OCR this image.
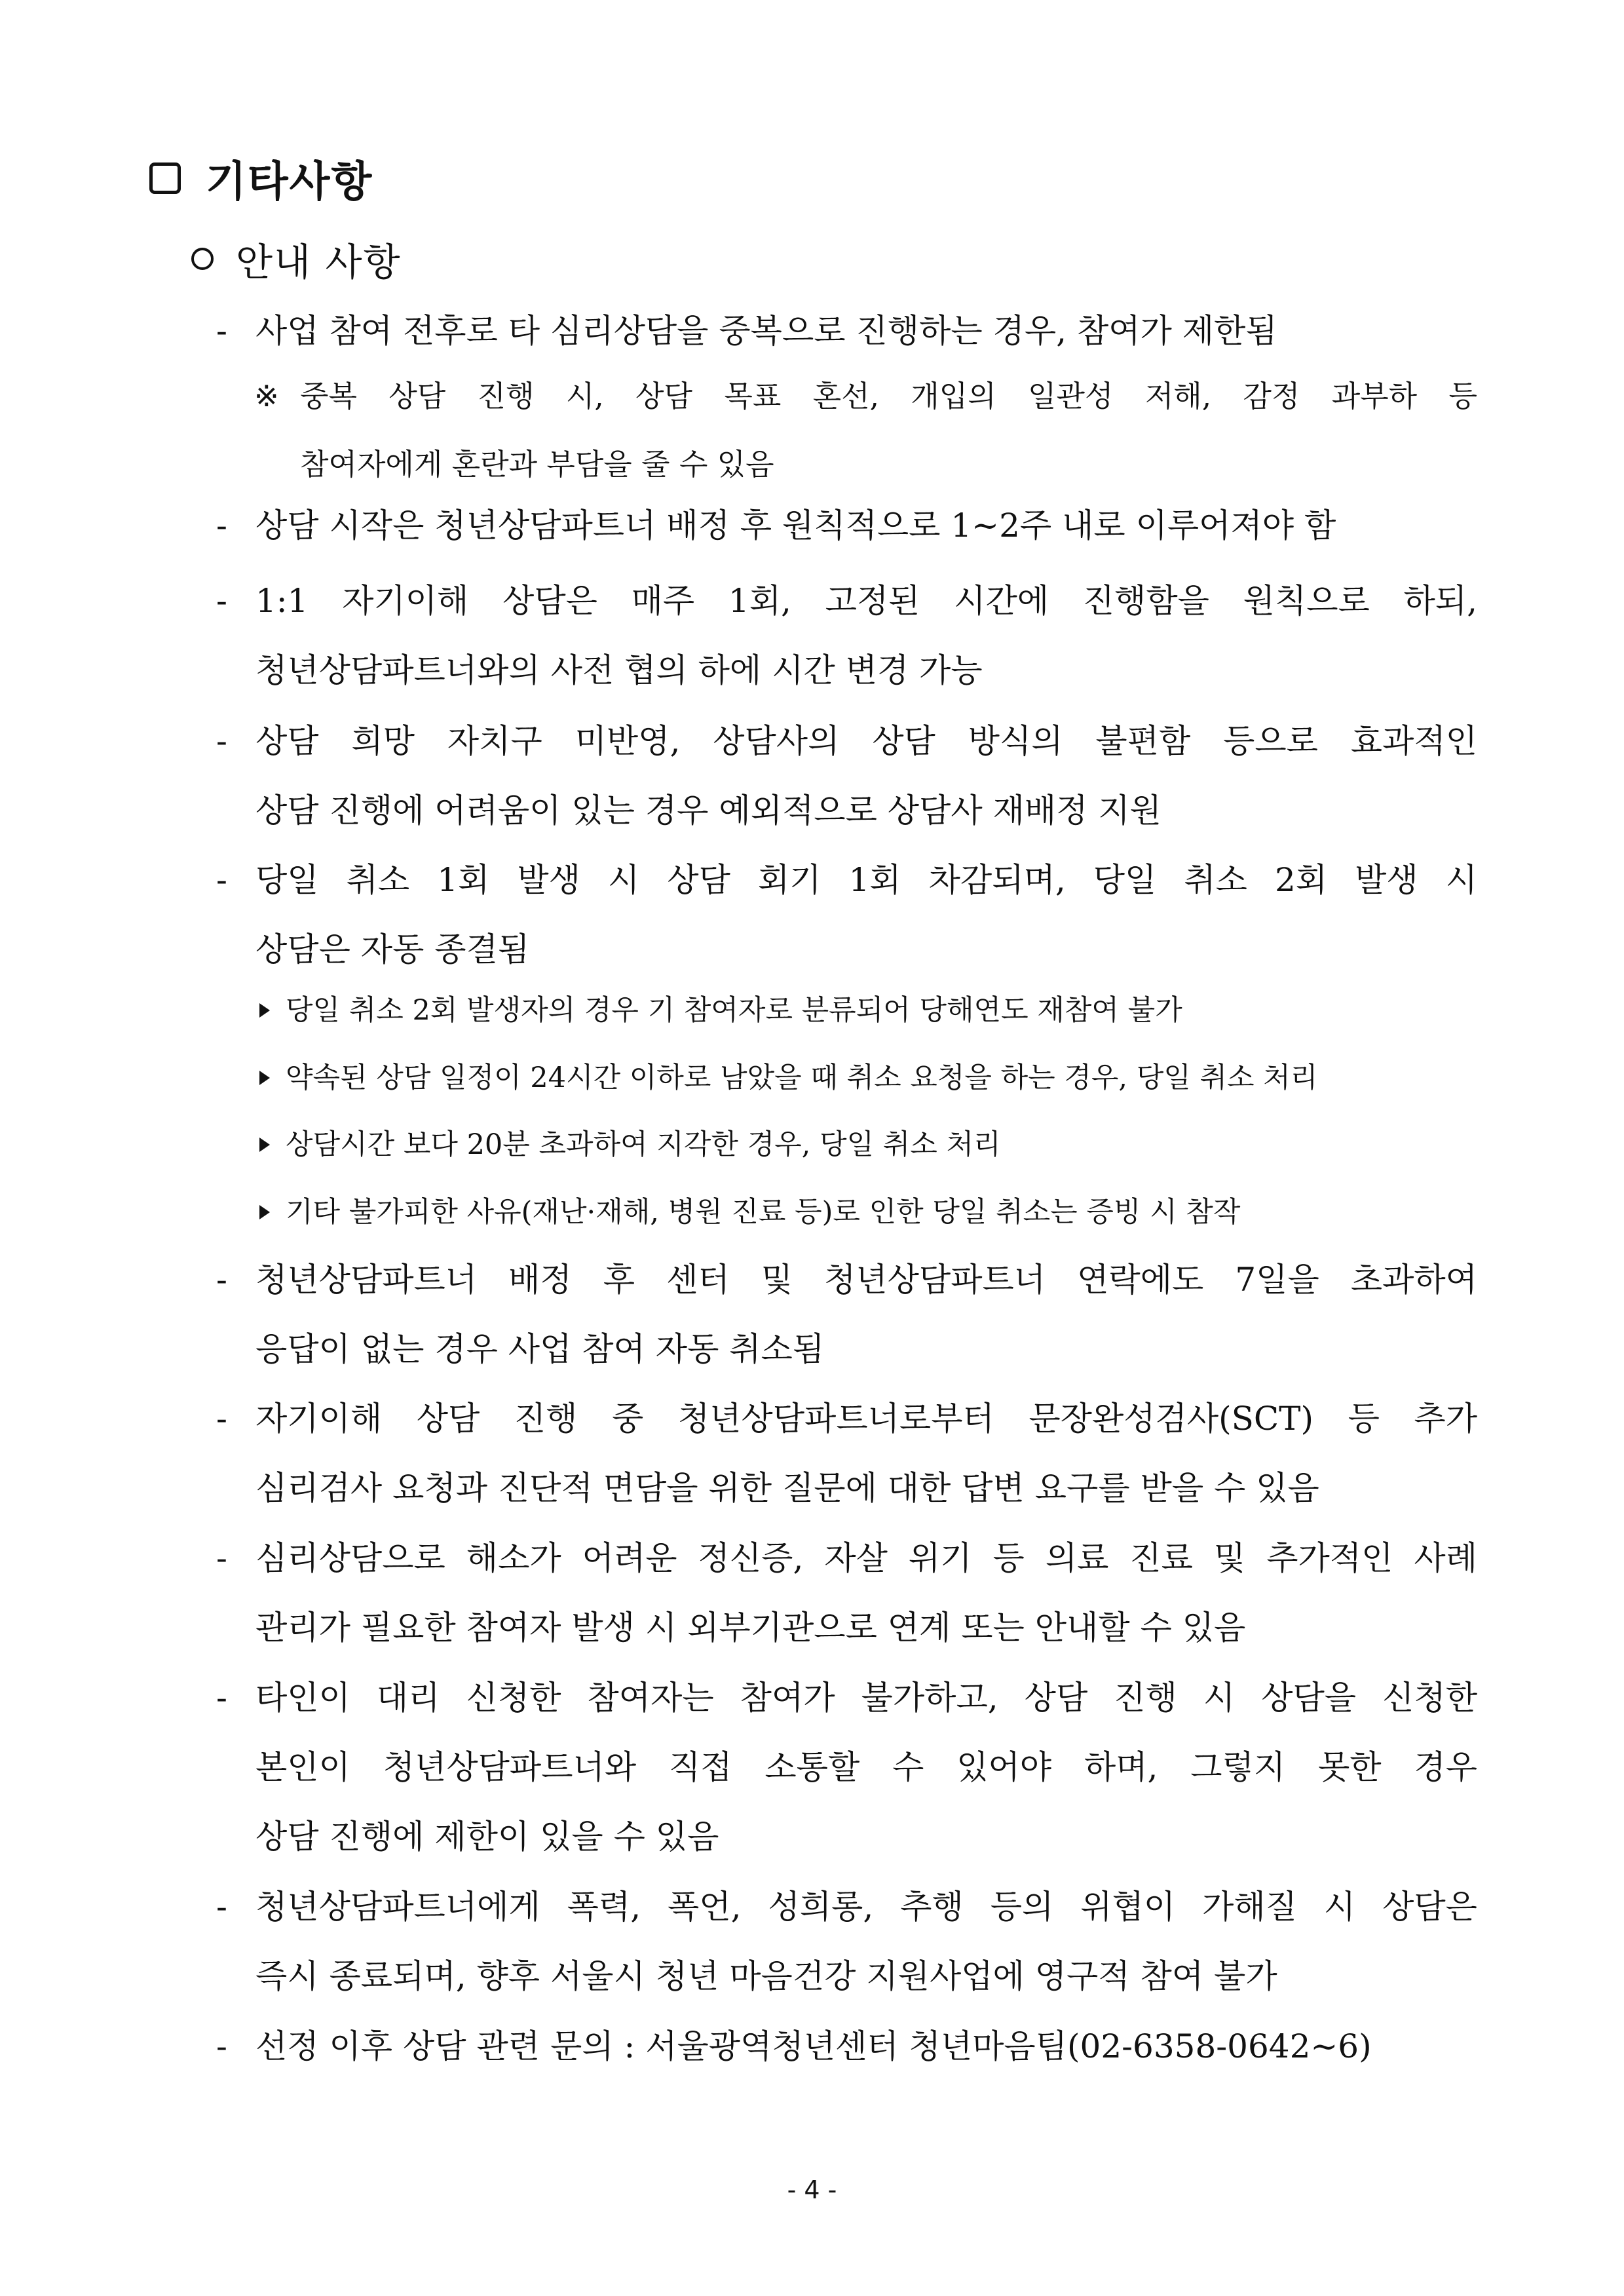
기타사항
안내 사항
- 사업 참여 전후로 타 심리상담을 중복으로 진행하는 경우, 참여가 제한됨
※ 중복 상담 진행 시, 상담 목표 혼선, 개입의 일관성 저해, 감정 과부하 등
참여자에게 혼란과 부담을 줄 수 있음
- 상담 시작은 청년상담파트너 배정 후 원칙적으로 1~2주 내로 이루어져야 함
- 1:1 자기이해 상담은 매주 1회, 고정된 시간에 진행함을 원칙으로 하되,
청년상담파트너와의 사전 협의 하에 시간 변경 가능
- 상담 희망 자치구 미반영, 상담사의 상담 방식의 불편함 등으로 효과적인
상담 진행에 어려움이 있는 경우 예외적으로 상담사 재배정 지원
- 당일 취소 1회 발생 시 상담 회기 1회 차감되며, 당일 취소 2회 발생 시
상담은 자동 종결됨
당일 취소 2회 발생자의 경우 기 참여자로 분류되어 당해연도 재참여 불가
약속된 상담 일정이 24시간 이하로 남았을 때 취소 요청을 하는 경우, 당일 취소 처리
상담시간 보다 20분 초과하여 지각한 경우, 당일 취소 처리
기타 불가피한 사유(재난·재해, 병원 진료 등)로 인한 당일 취소는 증빙 시 참작
- 청년상담파트너 배정 후 센터 및 청년상담파트너 연락에도 7일을 초과하여
응답이 없는 경우 사업 참여 자동 취소됨
- 자기이해 상담 진행 중 청년상담파트너로부터 문장완성검사(SCT) 등 추가
심리검사 요청과 진단적 면담을 위한 질문에 대한 답변 요구를 받을 수 있음
- 심리상담으로 해소가 어려운 정신증, 자살 위기 등 의료 진료 및 추가적인 사례
관리가 필요한 참여자 발생 시 외부기관으로 연계 또는 안내할 수 있음
- 타인이 대리 신청한 참여자는 참여가 불가하고, 상담 진행 시 상담을 신청한
본인이 청년상담파트너와 직접 소통할 수 있어야 하며, 그렇지 못한 경우
상담 진행에 제한이 있을 수 있음
- 청년상담파트너에게 폭력, 폭언, 성희롱, 추행 등의 위협이 가해질 시 상담은
즉시 종료되며, 향후 서울시 청년 마음건강 지원사업에 영구적 참여 불가
- 선정 이후 상담 관련 문의 : 서울광역청년센터 청년마음팀(02-6358-0642~6)
- 4 -
